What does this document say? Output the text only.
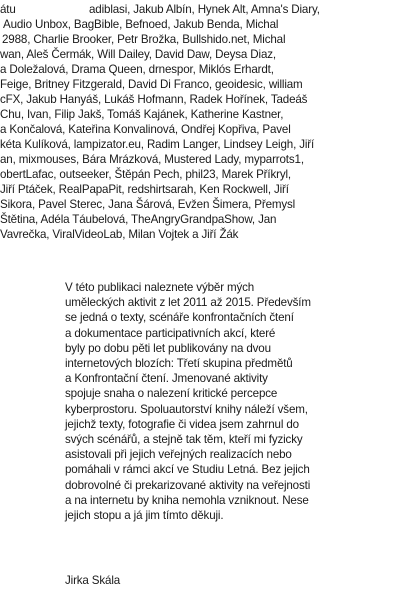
átu	adiblasi, Jakub Albín, Hynek Alt, Amna's Diary,
Audio Unbox, BagBible, Befnoed, Jakub Benda, Michal
2988, Charlie Brooker, Petr Brožka, Bullshido.net, Michal
wan, Aleš Čermák, Will Dailey, David Daw, Deysa Diaz,
a Doležalová, Drama Queen, drnespor, Miklós Erhardt,
Feige, Britney Fitzgerald, David Di Franco, geoidesic, william
cFX, Jakub Hanyáš, Lukáš Hofmann, Radek Hořínek, Tadeáš
Chu, Ivan, Filip Jakš, Tomáš Kajánek, Katherine Kastner,
a Končalová, Kateřina Konvalinová, Ondřej Kopřiva, Pavel
kéta Kulíková, lampizator.eu, Radim Langer, Lindsey Leigh, Jiří
an, mixmouses, Bára Mrázková, Mustered Lady, myparrots1,
obertLafac, outseeker, Štěpán Pech, phil23, Marek Příkryl,
Jiří Ptáček, RealPapaPit, redshirtsarah, Ken Rockwell, Jiří
Sikora, Pavel Sterec, Jana Šárová, Evžen Šimera, Přemysl
Štětina, Adéla Táubelová, TheAngryGrandpaShow, Jan
Vavrečka, ViralVideoLab, Milan Vojtek a Jiří Žák
V této publikaci naleznete výběr mých
uměleckých aktivit z let 2011 až 2015. Především
se jedná o texty, scénáře konfrontačních čtení
a dokumentace participativních akcí, které
byly po dobu pěti let publikovány na dvou
internetových blozích: Třetí skupina předmětů
a Konfrontační čtení. Jmenované aktivity
spojuje snaha o nalezení kritické percepce
kyberprostoru. Spoluautorství knihy náleží všem,
jejichž texty, fotografie či videa jsem zahrnul do
svých scénářů, a stejně tak těm, kteří mi fyzicky
asistovali při jejich veřejných realizacích nebo
pomáhali v rámci akcí ve Studiu Letná. Bez jejich
dobrovolné či prekarizované aktivity na veřejnosti
a na internetu by kniha nemohla vzniknout. Nese
jejich stopu a já jim tímto děkuji.
Jirka Skála
